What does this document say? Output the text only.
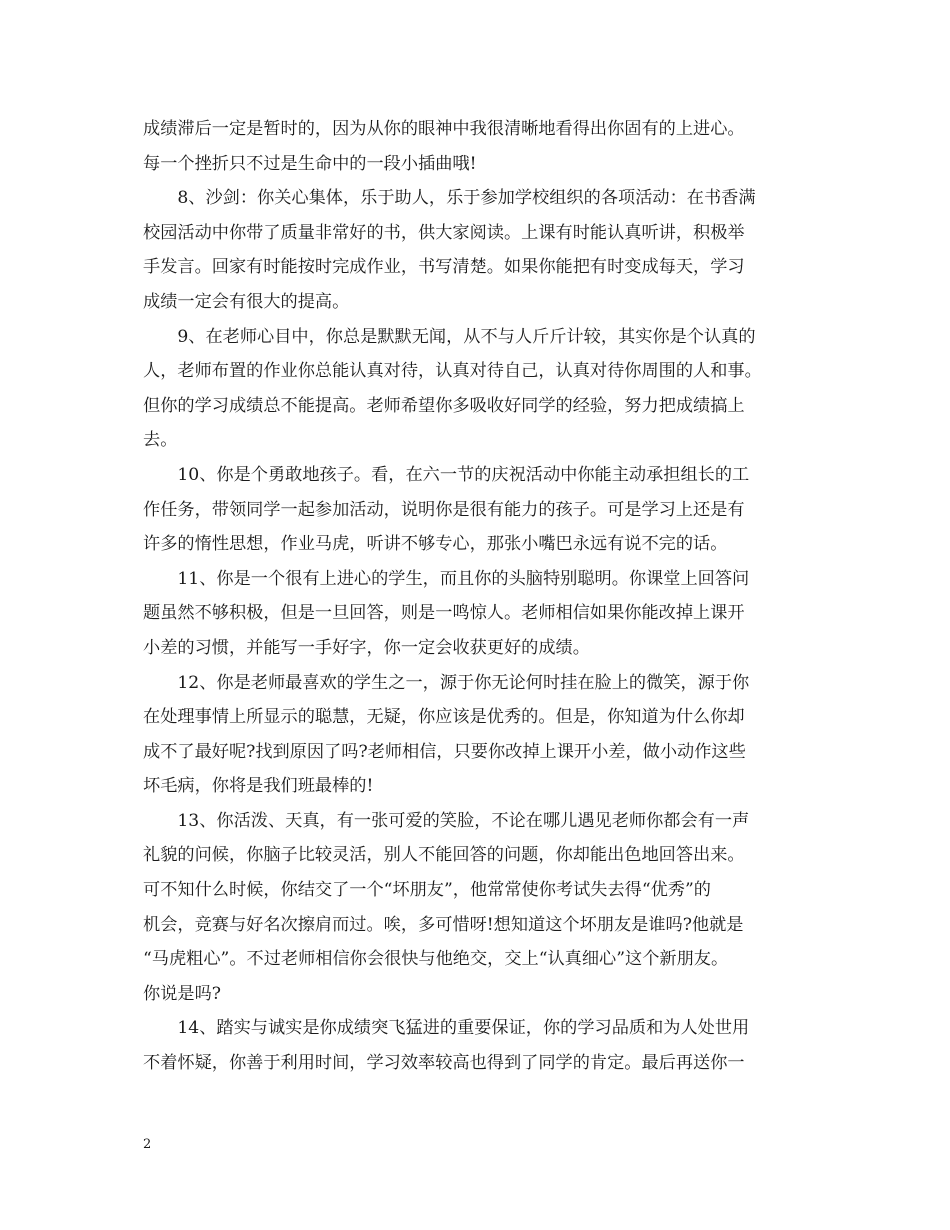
成绩滞后一定是暂时的，因为从你的眼神中我很清晰地看得出你固有的上进心。
每一个挫折只不过是生命中的一段小插曲哦!
　　8、沙剑：你关心集体，乐于助人，乐于参加学校组织的各项活动：在书香满
校园活动中你带了质量非常好的书，供大家阅读。上课有时能认真听讲，积极举
手发言。回家有时能按时完成作业，书写清楚。如果你能把有时变成每天，学习
成绩一定会有很大的提高。
　　9、在老师心目中，你总是默默无闻，从不与人斤斤计较，其实你是个认真的
人，老师布置的作业你总能认真对待，认真对待自己，认真对待你周围的人和事。
但你的学习成绩总不能提高。老师希望你多吸收好同学的经验，努力把成绩搞上
去。
　　10、你是个勇敢地孩子。看，在六一节的庆祝活动中你能主动承担组长的工
作任务，带领同学一起参加活动，说明你是很有能力的孩子。可是学习上还是有
许多的惰性思想，作业马虎，听讲不够专心，那张小嘴巴永远有说不完的话。
　　11、你是一个很有上进心的学生，而且你的头脑特别聪明。你课堂上回答问
题虽然不够积极，但是一旦回答，则是一鸣惊人。老师相信如果你能改掉上课开
小差的习惯，并能写一手好字，你一定会收获更好的成绩。
　　12、你是老师最喜欢的学生之一，源于你无论何时挂在脸上的微笑，源于你
在处理事情上所显示的聪慧，无疑，你应该是优秀的。但是，你知道为什么你却
成不了最好呢?找到原因了吗?老师相信，只要你改掉上课开小差，做小动作这些
坏毛病，你将是我们班最棒的!
　　13、你活泼、天真，有一张可爱的笑脸，不论在哪儿遇见老师你都会有一声
礼貌的问候，你脑子比较灵活，别人不能回答的问题，你却能出色地回答出来。
可不知什么时候，你结交了一个“坏朋友”，他常常使你考试失去得“优秀”的
机会，竞赛与好名次擦肩而过。唉，多可惜呀!想知道这个坏朋友是谁吗?他就是
“马虎粗心”。不过老师相信你会很快与他绝交，交上“认真细心”这个新朋友。
你说是吗?
　　14、踏实与诚实是你成绩突飞猛进的重要保证，你的学习品质和为人处世用
不着怀疑，你善于利用时间，学习效率较高也得到了同学的肯定。最后再送你一
2
